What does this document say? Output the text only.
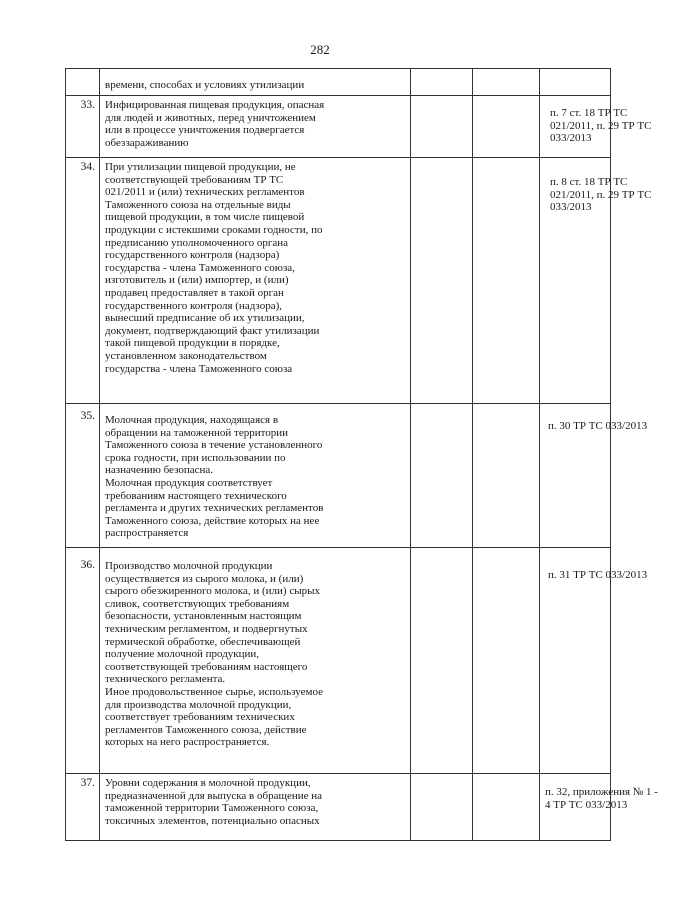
282
времени, способах и условиях утилизации
33. Инфицированная пищевая продукция, опасная
для людей и животных, перед уничтожением
или в процессе уничтожения подвергается
обеззараживанию
п. 7 ст. 18 ТР ТС
021/2011, п. 29 ТР ТС
033/2013
34. При утилизации пищевой продукции, не
соответствующей требованиям ТР ТС
021/2011 и (или) технических регламентов
Таможенного союза на отдельные виды
пищевой продукции, в том числе пищевой
продукции с истекшими сроками годности, по
предписанию уполномоченного органа
государственного контроля (надзора)
государства - члена Таможенного союза,
изготовитель и (или) импортер, и (или)
продавец предоставляет в такой орган
государственного контроля (надзора),
вынесший предписание об их утилизации,
документ, подтверждающий факт утилизации
такой пищевой продукции в порядке,
установленном законодательством
государства - члена Таможенного союза
п. 8 ст. 18 ТР ТС
021/2011, п. 29 ТР ТС
033/2013
35. Молочная продукция, находящаяся в
обращении на таможенной территории
Таможенного союза в течение установленного
срока годности, при использовании по
назначению безопасна.
Молочная продукция соответствует
требованиям настоящего технического
регламента и других технических регламентов
Таможенного союза, действие которых на нее
распространяется
п. 30 ТР ТС 033/2013
36. Производство молочной продукции
осуществляется из сырого молока, и (или)
сырого обезжиренного молока, и (или) сырых
сливок, соответствующих требованиям
безопасности, установленным настоящим
техническим регламентом, и подвергнутых
термической обработке, обеспечивающей
получение молочной продукции,
соответствующей требованиям настоящего
технического регламента.
Иное продовольственное сырье, используемое
для производства молочной продукции,
соответствует требованиям технических
регламентов Таможенного союза, действие
которых на него распространяется.
п. 31 ТР ТС 033/2013
37. Уровни содержания в молочной продукции,
предназначенной для выпуска в обращение на
таможенной территории Таможенного союза,
токсичных элементов, потенциально опасных
п. 32, приложения № 1 -
4 ТР ТС 033/2013
